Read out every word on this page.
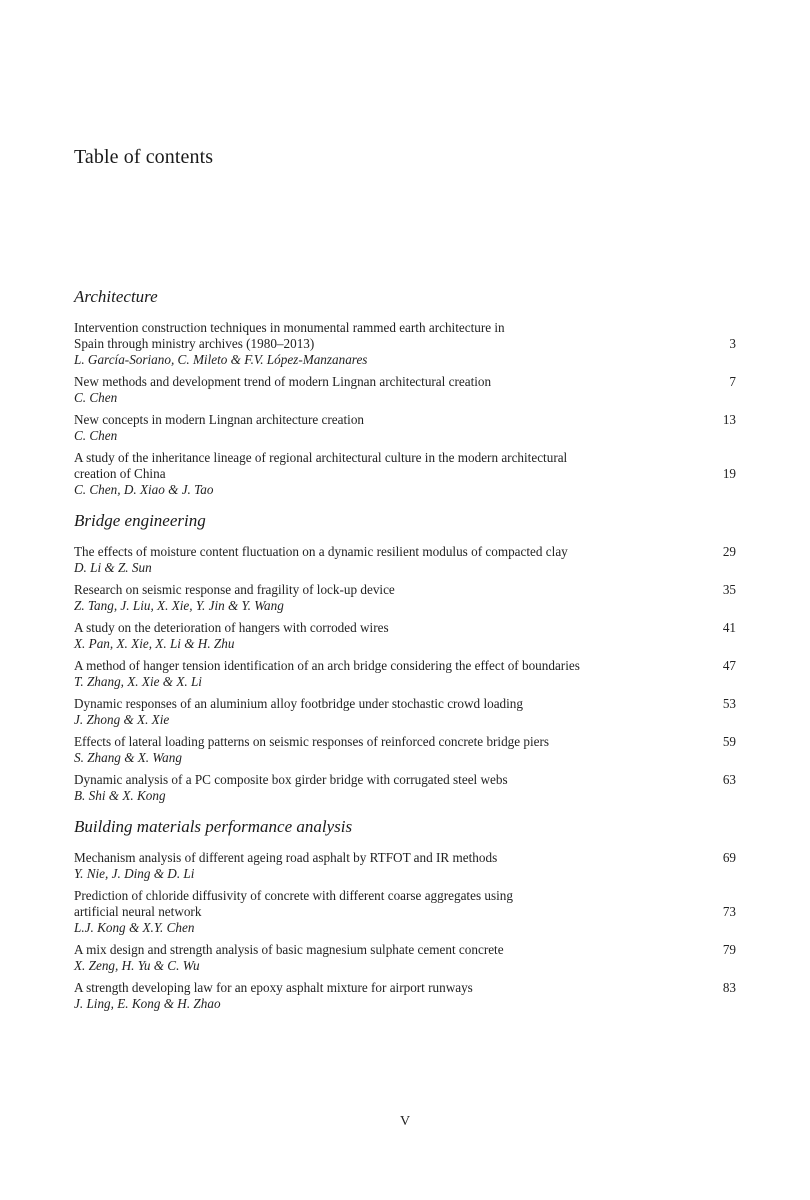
Table of contents
Architecture
Intervention construction techniques in monumental rammed earth architecture in
Spain through ministry archives (1980–2013)
L. García-Soriano, C. Mileto & F.V. López-Manzanares
3
New methods and development trend of modern Lingnan architectural creation
C. Chen
7
New concepts in modern Lingnan architecture creation
C. Chen
13
A study of the inheritance lineage of regional architectural culture in the modern architectural
creation of China
C. Chen, D. Xiao & J. Tao
19
Bridge engineering
The effects of moisture content fluctuation on a dynamic resilient modulus of compacted clay
D. Li & Z. Sun
29
Research on seismic response and fragility of lock-up device
Z. Tang, J. Liu, X. Xie, Y. Jin & Y. Wang
35
A study on the deterioration of hangers with corroded wires
X. Pan, X. Xie, X. Li & H. Zhu
41
A method of hanger tension identification of an arch bridge considering the effect of boundaries
T. Zhang, X. Xie & X. Li
47
Dynamic responses of an aluminium alloy footbridge under stochastic crowd loading
J. Zhong & X. Xie
53
Effects of lateral loading patterns on seismic responses of reinforced concrete bridge piers
S. Zhang & X. Wang
59
Dynamic analysis of a PC composite box girder bridge with corrugated steel webs
B. Shi & X. Kong
63
Building materials performance analysis
Mechanism analysis of different ageing road asphalt by RTFOT and IR methods
Y. Nie, J. Ding & D. Li
69
Prediction of chloride diffusivity of concrete with different coarse aggregates using
artificial neural network
L.J. Kong & X.Y. Chen
73
A mix design and strength analysis of basic magnesium sulphate cement concrete
X. Zeng, H. Yu & C. Wu
79
A strength developing law for an epoxy asphalt mixture for airport runways
J. Ling, E. Kong & H. Zhao
83
V
